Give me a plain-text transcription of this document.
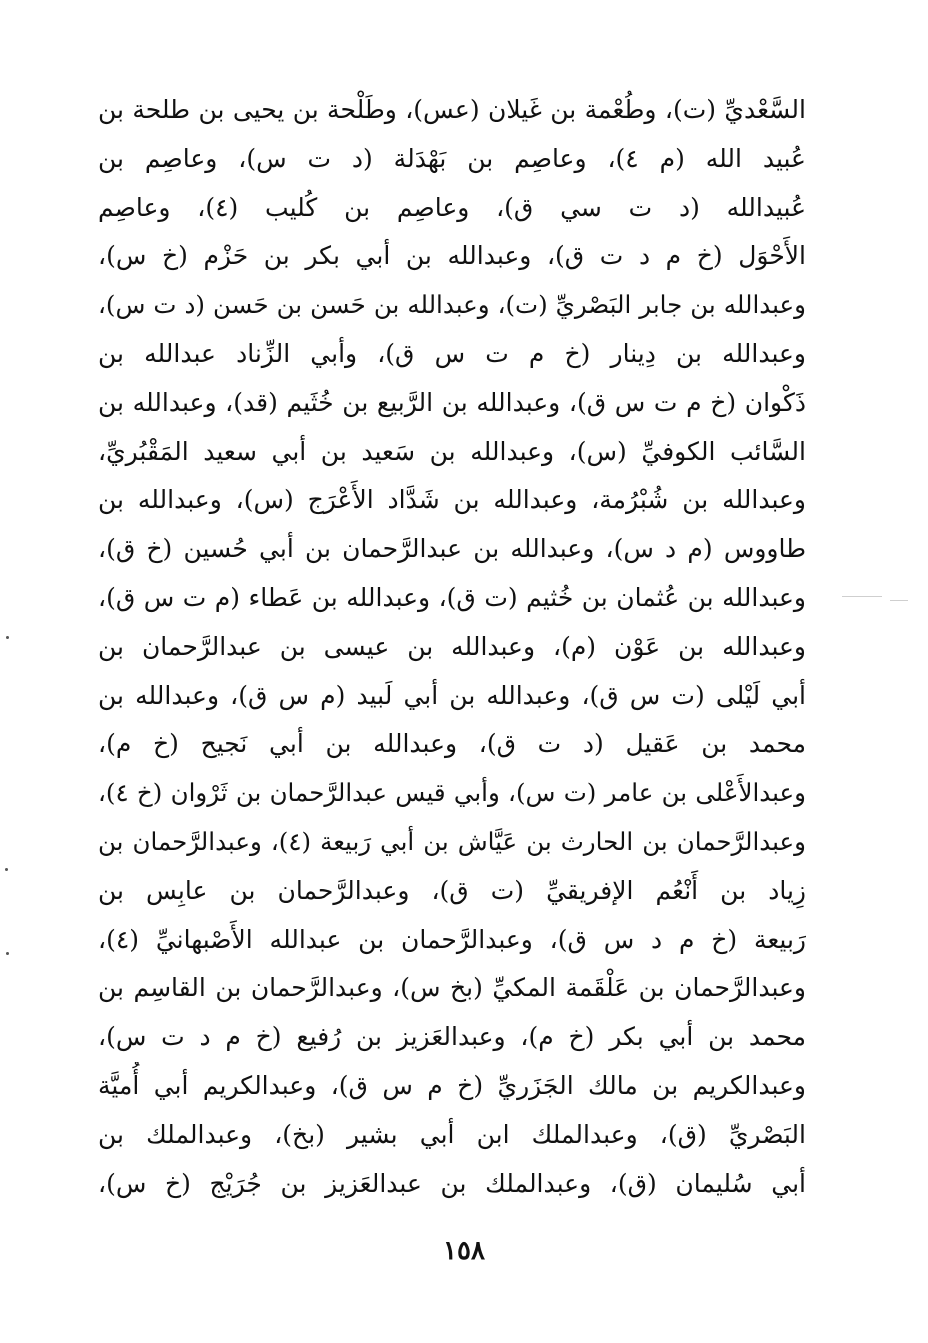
السَّعْديِّ (ت)، وطُعْمة بن غَيلان (عس)، وطَلْحة بن يحيى بن طلحة بن
عُبيد الله (م ٤)، وعاصِم بن بَهْدَلة (د ت س)، وعاصِم بن
عُبيدالله (د ت سي ق)، وعاصِم بن كُليب (٤)، وعاصِم
الأَحْوَل (خ م د ت ق)، وعبدالله بن أبي بكر بن حَزْم (خ س)،
وعبدالله بن جابر البَصْريِّ (ت)، وعبدالله بن حَسن بن حَسن (د ت س)،
وعبدالله بن دِينار (خ م ت س ق)، وأبي الزِّناد عبدالله بن
ذَكْوان (خ م ت س ق)، وعبدالله بن الرَّبيع بن خُثَيم (قد)، وعبدالله بن
السَّائب الكوفيِّ (س)، وعبدالله بن سَعيد بن أبي سعيد المَقْبُريِّ،
وعبدالله بن شُبْرُمة، وعبدالله بن شَدَّاد الأَعْرَج (س)، وعبدالله بن
طاووس (م د س)، وعبدالله بن عبدالرَّحمان بن أبي حُسين (خ ق)،
وعبدالله بن عُثمان بن خُثيم (ت ق)، وعبدالله بن عَطاء (م ت س ق)،
وعبدالله بن عَوْن (م)، وعبدالله بن عيسى بن عبدالرَّحمان بن
أبي لَيْلى (ت س ق)، وعبدالله بن أبي لَبيد (م س ق)، وعبدالله بن
محمد بن عَقيل (د ت ق)، وعبدالله بن أبي نَجيح (خ م)،
وعبدالأَعْلى بن عامر (ت س)، وأبي قيس عبدالرَّحمان بن ثَرْوان (خ ٤)،
وعبدالرَّحمان بن الحارث بن عَيَّاش بن أبي رَبيعة (٤)، وعبدالرَّحمان بن
زِياد بن أَنْعُم الإفريقيِّ (ت ق)، وعبدالرَّحمان بن عابِس بن
رَبيعة (خ م د س ق)، وعبدالرَّحمان بن عبدالله الأَصْبهانيِّ (٤)،
وعبدالرَّحمان بن عَلْقَمة المكيِّ (بخ س)، وعبدالرَّحمان بن القاسِم بن
محمد بن أبي بكر (خ م)، وعبدالعَزيز بن رُفيع (خ م د ت س)،
وعبدالكريم بن مالك الجَزَريِّ (خ م س ق)، وعبدالكريم أبي أُميَّة
البَصْريِّ (ق)، وعبدالملك ابن أبي بشير (بخ)، وعبدالملك بن
أبي سُليمان (ق)، وعبدالملك بن عبدالعَزيز بن جُرَيْج (خ س)،
١٥٨
